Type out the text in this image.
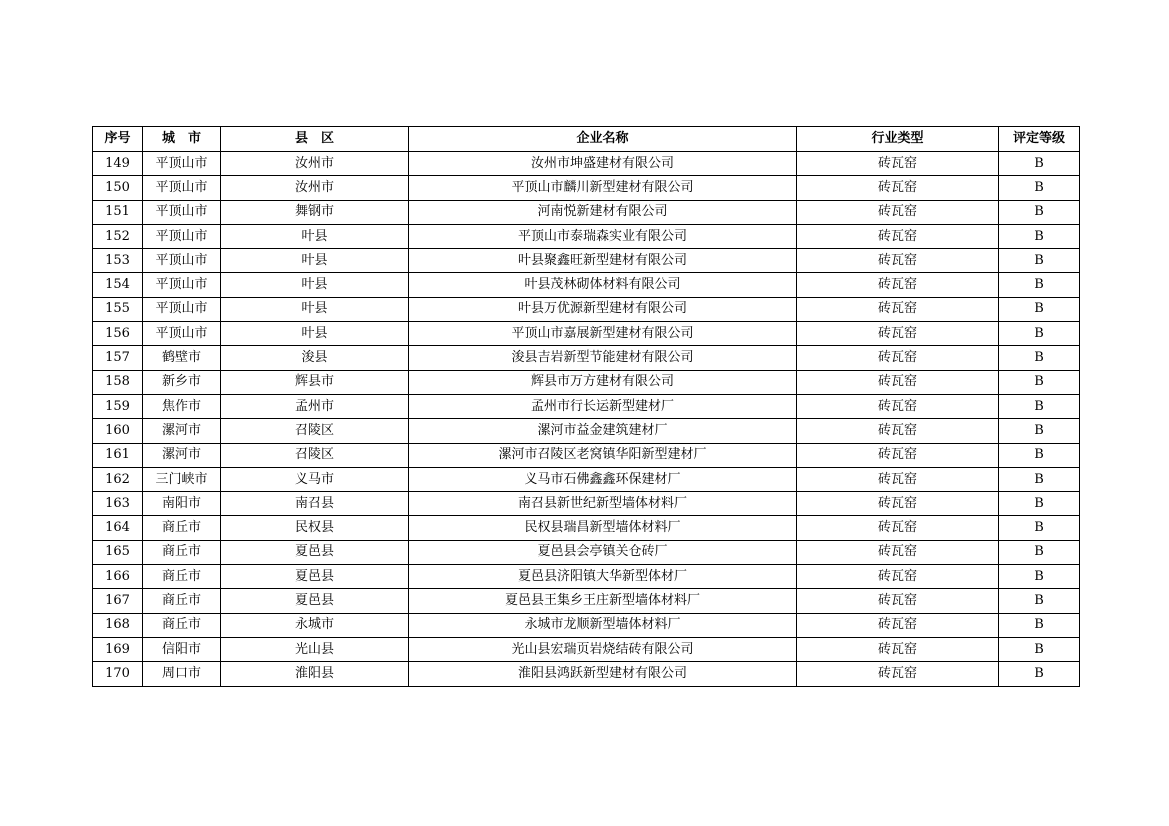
序号	城　市	县　区	企业名称	行业类型	评定等级
149	平顶山市	汝州市	汝州市坤盛建材有限公司	砖瓦窑	B
150	平顶山市	汝州市	平顶山市麟川新型建材有限公司	砖瓦窑	B
151	平顶山市	舞钢市	河南悦新建材有限公司	砖瓦窑	B
152	平顶山市	叶县	平顶山市泰瑞森实业有限公司	砖瓦窑	B
153	平顶山市	叶县	叶县聚鑫旺新型建材有限公司	砖瓦窑	B
154	平顶山市	叶县	叶县茂林砌体材料有限公司	砖瓦窑	B
155	平顶山市	叶县	叶县万优源新型建材有限公司	砖瓦窑	B
156	平顶山市	叶县	平顶山市嘉展新型建材有限公司	砖瓦窑	B
157	鹤壁市	浚县	浚县吉岩新型节能建材有限公司	砖瓦窑	B
158	新乡市	辉县市	辉县市万方建材有限公司	砖瓦窑	B
159	焦作市	孟州市	孟州市行长运新型建材厂	砖瓦窑	B
160	漯河市	召陵区	漯河市益金建筑建材厂	砖瓦窑	B
161	漯河市	召陵区	漯河市召陵区老窝镇华阳新型建材厂	砖瓦窑	B
162	三门峡市	义马市	义马市石佛鑫鑫环保建材厂	砖瓦窑	B
163	南阳市	南召县	南召县新世纪新型墙体材料厂	砖瓦窑	B
164	商丘市	民权县	民权县瑞昌新型墙体材料厂	砖瓦窑	B
165	商丘市	夏邑县	夏邑县会亭镇关仓砖厂	砖瓦窑	B
166	商丘市	夏邑县	夏邑县济阳镇大华新型体材厂	砖瓦窑	B
167	商丘市	夏邑县	夏邑县王集乡王庄新型墙体材料厂	砖瓦窑	B
168	商丘市	永城市	永城市龙顺新型墙体材料厂	砖瓦窑	B
169	信阳市	光山县	光山县宏瑞页岩烧结砖有限公司	砖瓦窑	B
170	周口市	淮阳县	淮阳县鸿跃新型建材有限公司	砖瓦窑	B
